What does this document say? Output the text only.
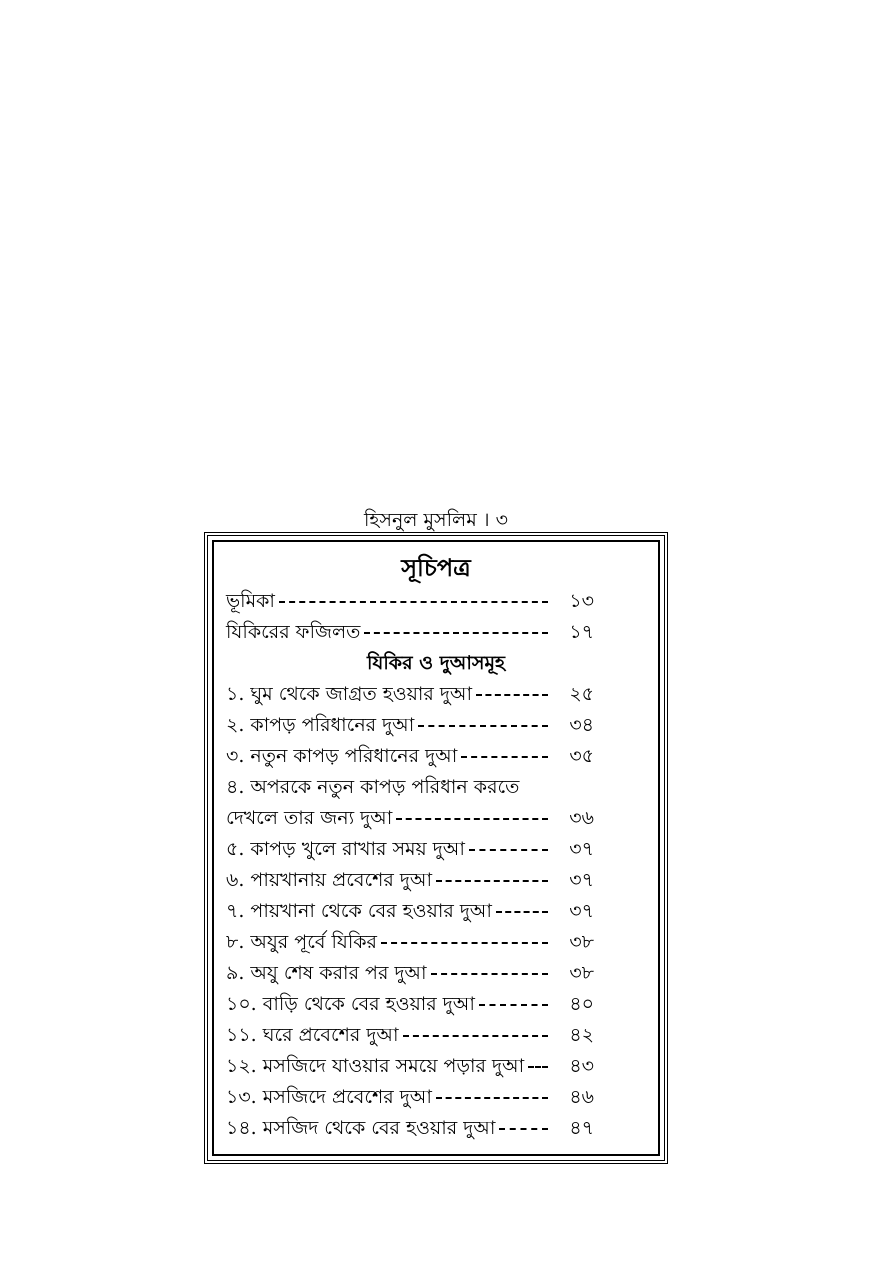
হিসনুল মুসলিম । ৩
সূচিপত্র
ভূমিকা	১৩
যিকিরের ফজিলত	১৭
যিকির ও দুআসমূহ
১. ঘুম থেকে জাগ্রত হওয়ার দুআ	২৫
২. কাপড় পরিধানের দুআ	৩৪
৩. নতুন কাপড় পরিধানের দুআ	৩৫
৪. অপরকে নতুন কাপড় পরিধান করতে
দেখলে তার জন্য দুআ	৩৬
৫. কাপড় খুলে রাখার সময় দুআ	৩৭
৬. পায়খানায় প্রবেশের দুআ	৩৭
৭. পায়খানা থেকে বের হওয়ার দুআ	৩৭
৮. অযুর পূর্বে যিকির	৩৮
৯. অযু শেষ করার পর দুআ	৩৮
১০. বাড়ি থেকে বের হওয়ার দুআ	৪০
১১. ঘরে প্রবেশের দুআ	৪২
১২. মসজিদে যাওয়ার সময়ে পড়ার দুআ	৪৩
১৩. মসজিদে প্রবেশের দুআ	৪৬
১৪. মসজিদ থেকে বের হওয়ার দুআ	৪৭
